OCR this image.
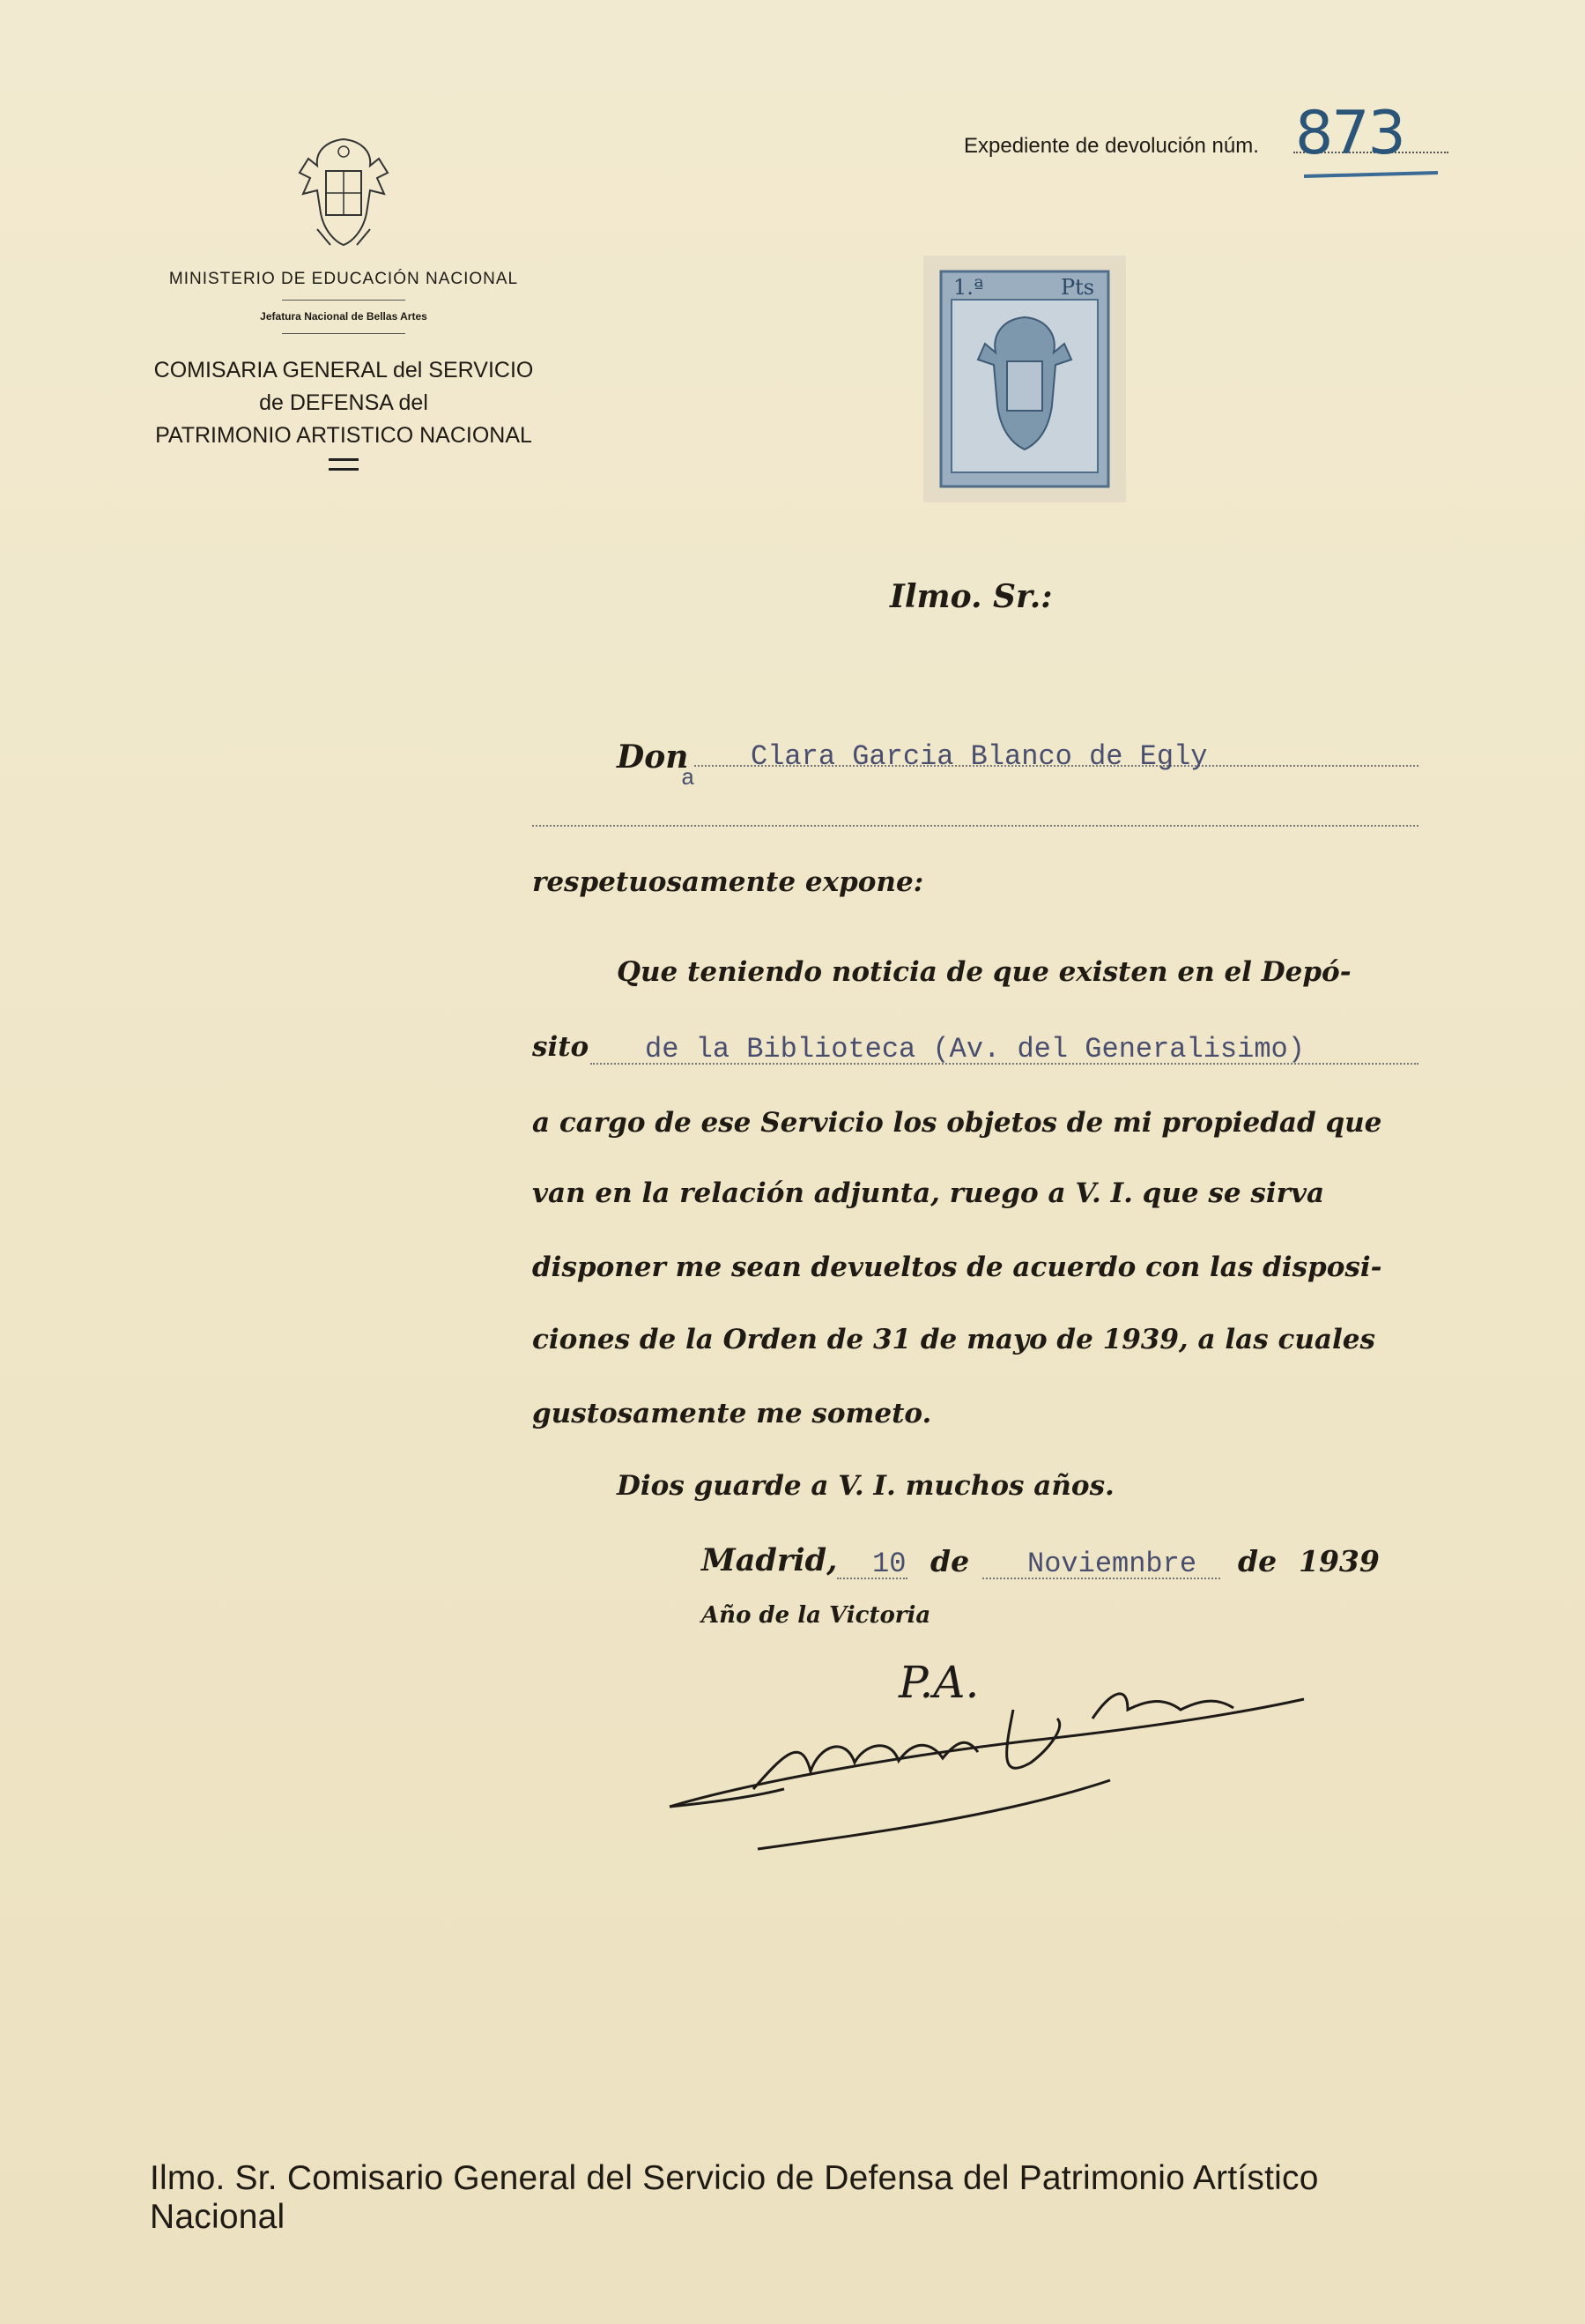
MINISTERIO DE EDUCACIÓN NACIONAL
Jefatura Nacional de Bellas Artes
COMISARIA GENERAL del SERVICIO
de DEFENSA del
PATRIMONIO ARTISTICO NACIONAL
Expediente de devolución núm. 873
1.ª	Pts
Ilmo. Sr.:
Don
a
Clara Garcia Blanco de Egly
respetuosamente expone:
Que teniendo noticia de que existen en el Depó-
sito de la Biblioteca (Av. del Generalisimo)
a cargo de ese Servicio los objetos de mi propiedad que
van en la relación adjunta, ruego a V. I. que se sirva
disponer me sean devueltos de acuerdo con las disposi-
ciones de la Orden de 31 de mayo de 1939, a las cuales
gustosamente me someto.
Dios guarde a V. I. muchos años.
Madrid, 10 de Noviemnbre de 1939
Año de la Victoria
P.A.
Ilmo. Sr. Comisario General del Servicio de Defensa del Patrimonio Artístico Nacional
